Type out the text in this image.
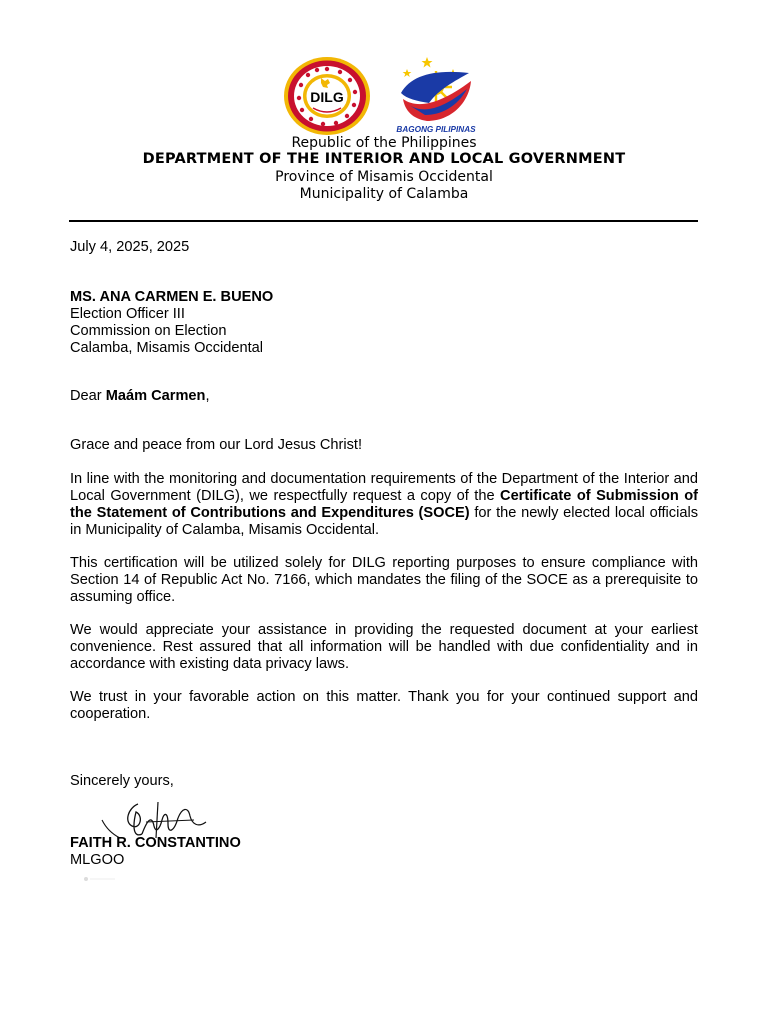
DILG
BAGONG PILIPINAS
Republic of the Philippines
DEPARTMENT OF THE INTERIOR AND LOCAL GOVERNMENT
Province of Misamis Occidental
Municipality of Calamba
July 4, 2025, 2025
MS. ANA CARMEN E. BUENO
Election Officer III
Commission on Election
Calamba, Misamis Occidental
Dear Maám Carmen,
Grace and peace from our Lord Jesus Christ!
In line with the monitoring and documentation requirements of the Department of the Interior and Local Government (DILG), we respectfully request a copy of the Certificate of Submission of the Statement of Contributions and Expenditures (SOCE) for the newly elected local officials in Municipality of Calamba, Misamis Occidental.
This certification will be utilized solely for DILG reporting purposes to ensure compliance with Section 14 of Republic Act No. 7166, which mandates the filing of the SOCE as a prerequisite to assuming office.
We would appreciate your assistance in providing the requested document at your earliest convenience. Rest assured that all information will be handled with due confidentiality and in accordance with existing data privacy laws.
We trust in your favorable action on this matter. Thank you for your continued support and cooperation.
Sincerely yours,
FAITH R. CONSTANTINO
MLGOO
